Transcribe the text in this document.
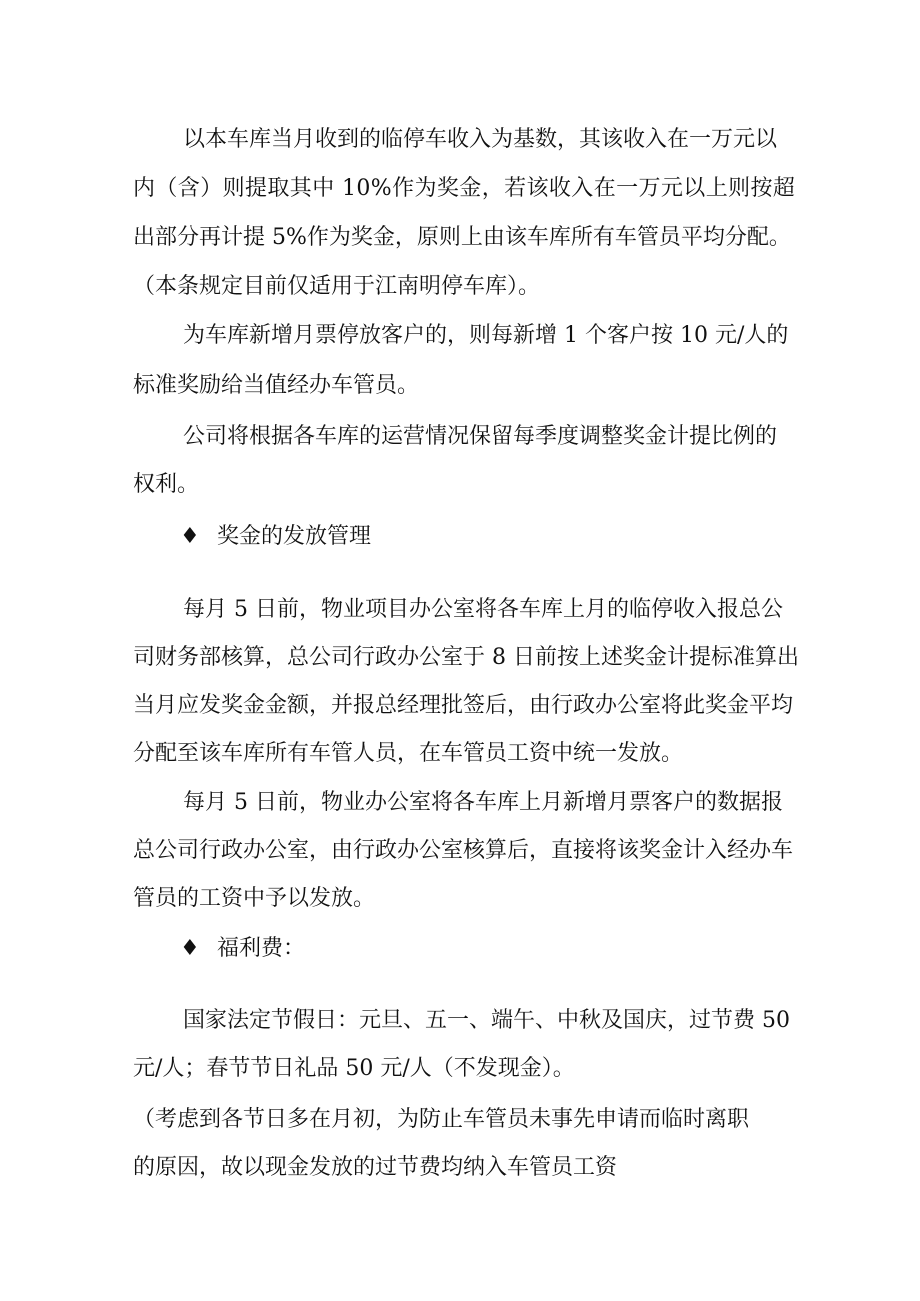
以本车库当月收到的临停车收入为基数，其该收入在一万元以
内（含）则提取其中 10%作为奖金，若该收入在一万元以上则按超
出部分再计提 5%作为奖金，原则上由该车库所有车管员平均分配。
（本条规定目前仅适用于江南明停车库）。
为车库新增月票停放客户的，则每新增 1 个客户按 10 元/人的
标准奖励给当值经办车管员。
公司将根据各车库的运营情况保留每季度调整奖金计提比例的
权利。
♦ 奖金的发放管理
每月 5 日前，物业项目办公室将各车库上月的临停收入报总公
司财务部核算，总公司行政办公室于 8 日前按上述奖金计提标准算出
当月应发奖金金额，并报总经理批签后，由行政办公室将此奖金平均
分配至该车库所有车管人员，在车管员工资中统一发放。
每月 5 日前，物业办公室将各车库上月新增月票客户的数据报
总公司行政办公室，由行政办公室核算后，直接将该奖金计入经办车
管员的工资中予以发放。
♦ 福利费：
国家法定节假日：元旦、五一、端午、中秋及国庆，过节费 50
元/人；春节节日礼品 50 元/人（不发现金）。
（考虑到各节日多在月初，为防止车管员未事先申请而临时离职
的原因，故以现金发放的过节费均纳入车管员工资
